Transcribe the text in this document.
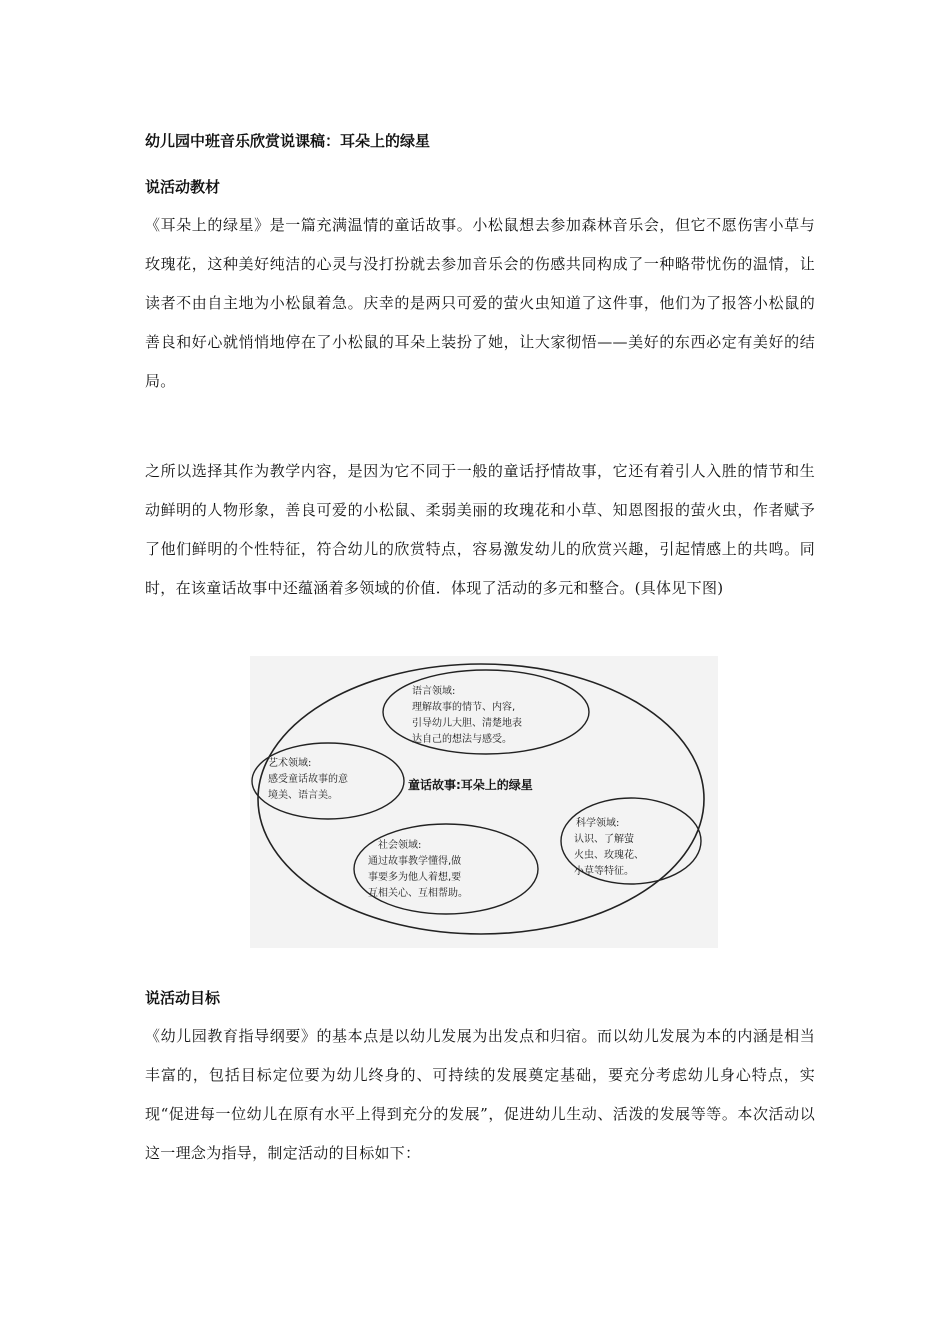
幼儿园中班音乐欣赏说课稿：耳朵上的绿星
说活动教材
《耳朵上的绿星》是一篇充满温情的童话故事。小松鼠想去参加森林音乐会，但它不愿伤害小草与玫瑰花，这种美好纯洁的心灵与没打扮就去参加音乐会的伤感共同构成了一种略带忧伤的温情，让读者不由自主地为小松鼠着急。庆幸的是两只可爱的萤火虫知道了这件事，他们为了报答小松鼠的善良和好心就悄悄地停在了小松鼠的耳朵上装扮了她，让大家彻悟——美好的东西必定有美好的结局。
之所以选择其作为教学内容，是因为它不同于一般的童话抒情故事，它还有着引人入胜的情节和生动鲜明的人物形象，善良可爱的小松鼠、柔弱美丽的玫瑰花和小草、知恩图报的萤火虫，作者赋予了他们鲜明的个性特征，符合幼儿的欣赏特点，容易激发幼儿的欣赏兴趣，引起情感上的共鸣。同时，在该童话故事中还蕴涵着多领域的价值．体现了活动的多元和整合。(具体见下图)
语言领域:
理解故事的情节、内容,
引导幼儿大胆、清楚地表
达自己的想法与感受。
艺术领域:
感受童话故事的意
境美、语言美。
童话故事:耳朵上的绿星
科学领域:
认识、了解萤
火虫、玫瑰花、
小草等特征。
社会领域:
通过故事教学懂得,做
事要多为他人着想,要
互相关心、互相帮助。
说活动目标
《幼儿园教育指导纲要》的基本点是以幼儿发展为出发点和归宿。而以幼儿发展为本的内涵是相当丰富的，包括目标定位要为幼儿终身的、可持续的发展奠定基础，要充分考虑幼儿身心特点，实现“促进每一位幼儿在原有水平上得到充分的发展”，促进幼儿生动、活泼的发展等等。本次活动以这一理念为指导，制定活动的目标如下：
